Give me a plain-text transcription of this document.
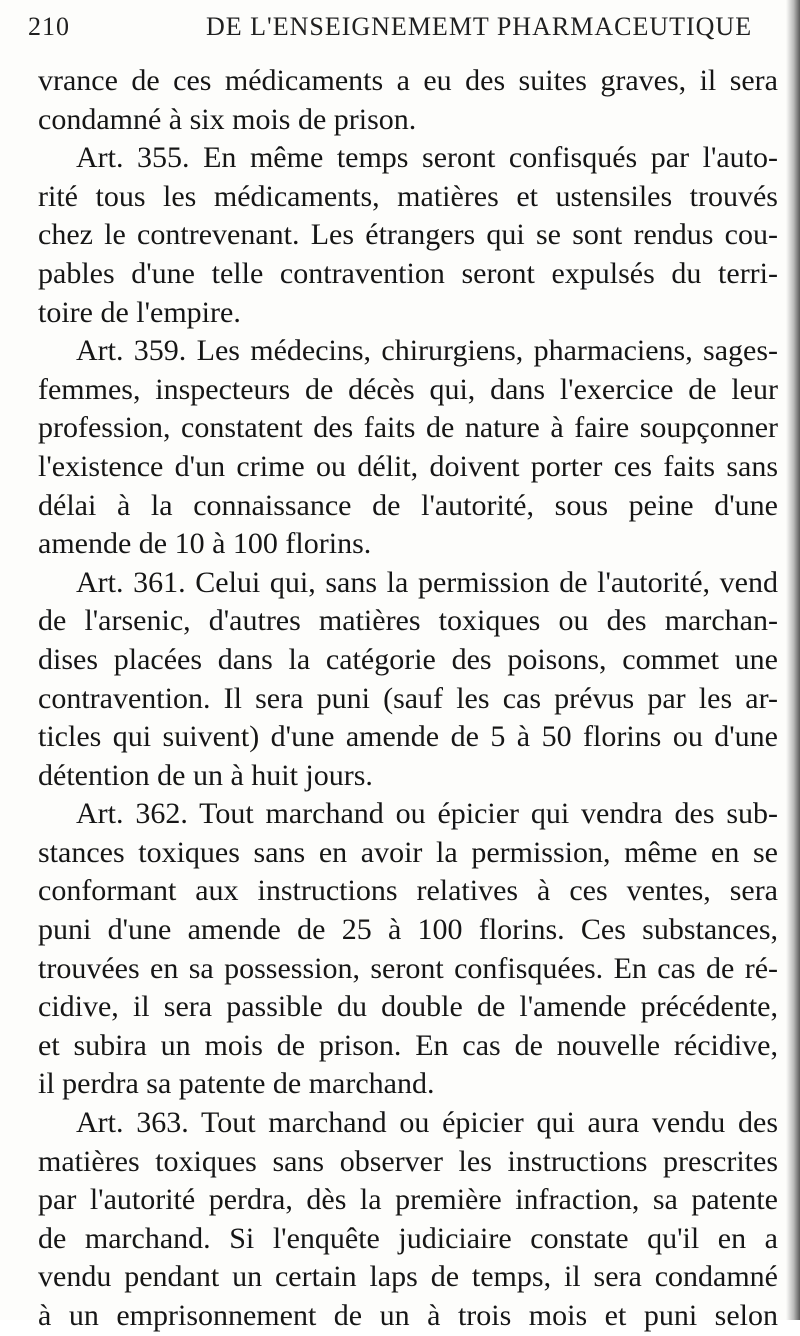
210	DE L'ENSEIGNEMEMT PHARMACEUTIQUE
vrance de ces médicaments a eu des suites graves, il sera
condamné à six mois de prison.
Art. 355. En même temps seront confisqués par l'auto-
rité tous les médicaments, matières et ustensiles trouvés
chez le contrevenant. Les étrangers qui se sont rendus cou-
pables d'une telle contravention seront expulsés du terri-
toire de l'empire.
Art. 359. Les médecins, chirurgiens, pharmaciens, sages-
femmes, inspecteurs de décès qui, dans l'exercice de leur
profession, constatent des faits de nature à faire soupçonner
l'existence d'un crime ou délit, doivent porter ces faits sans
délai à la connaissance de l'autorité, sous peine d'une
amende de 10 à 100 florins.
Art. 361. Celui qui, sans la permission de l'autorité, vend
de l'arsenic, d'autres matières toxiques ou des marchan-
dises placées dans la catégorie des poisons, commet une
contravention. Il sera puni (sauf les cas prévus par les ar-
ticles qui suivent) d'une amende de 5 à 50 florins ou d'une
détention de un à huit jours.
Art. 362. Tout marchand ou épicier qui vendra des sub-
stances toxiques sans en avoir la permission, même en se
conformant aux instructions relatives à ces ventes, sera
puni d'une amende de 25 à 100 florins. Ces substances,
trouvées en sa possession, seront confisquées. En cas de ré-
cidive, il sera passible du double de l'amende précédente,
et subira un mois de prison. En cas de nouvelle récidive,
il perdra sa patente de marchand.
Art. 363. Tout marchand ou épicier qui aura vendu des
matières toxiques sans observer les instructions prescrites
par l'autorité perdra, dès la première infraction, sa patente
de marchand. Si l'enquête judiciaire constate qu'il en a
vendu pendant un certain laps de temps, il sera condamné
à un emprisonnement de un à trois mois et puni selon
